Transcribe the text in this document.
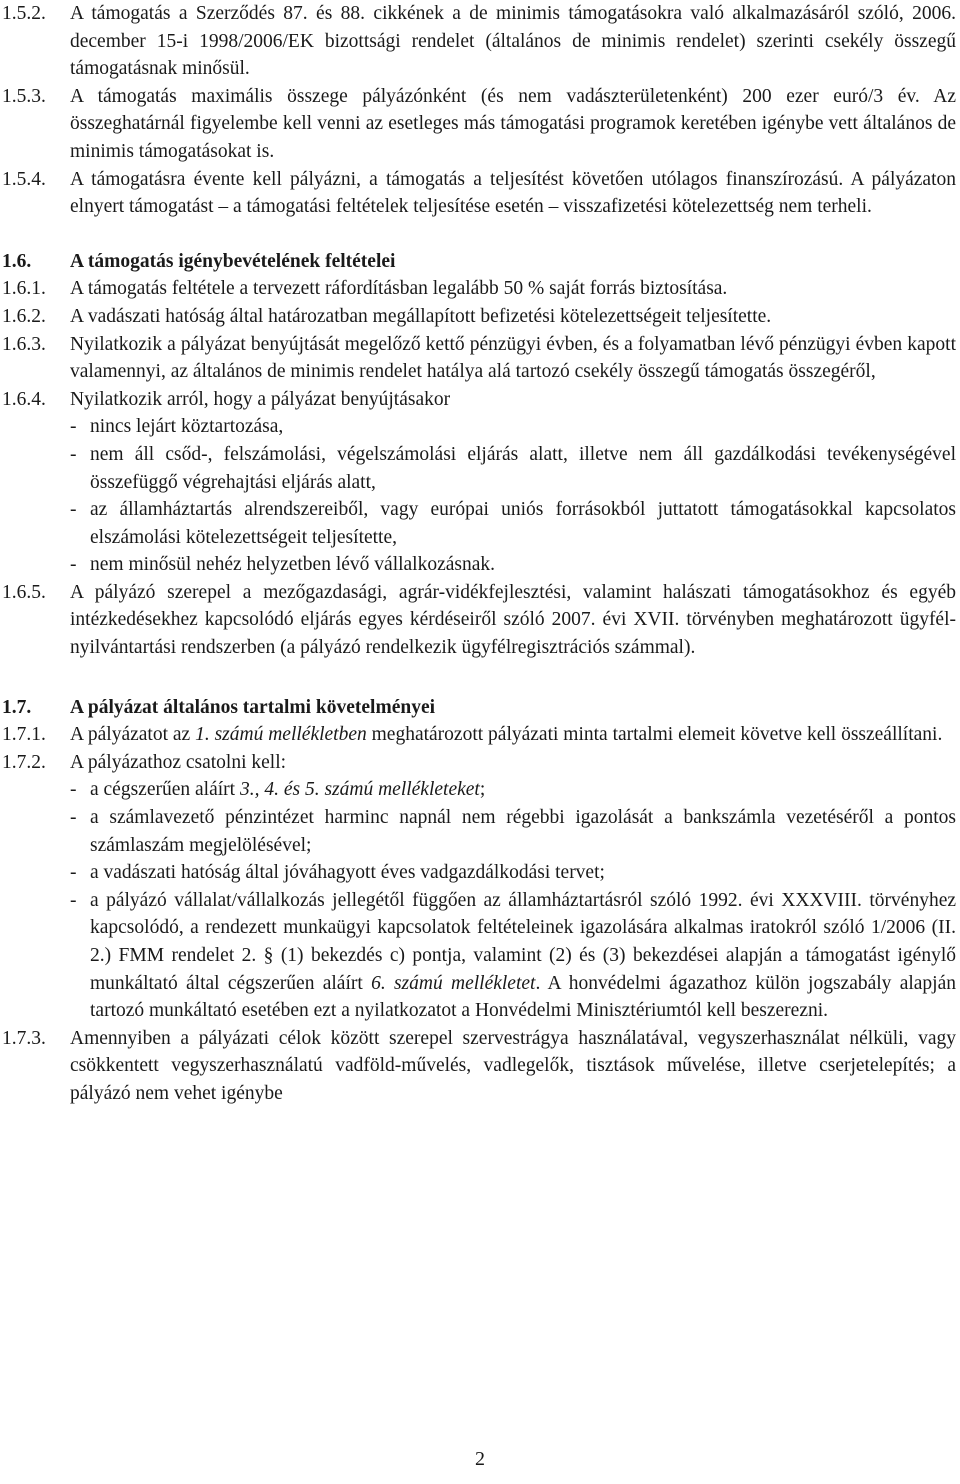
1.5.2.	A támogatás a Szerződés 87. és 88. cikkének a de minimis támogatásokra való alkalmazásáról szóló, 2006. december 15-i 1998/2006/EK bizottsági rendelet (általános de minimis rendelet) szerinti csekély összegű támogatásnak minősül.
1.5.3.	A támogatás maximális összege pályázónként (és nem vadászterületenként) 200 ezer euró/3 év. Az összeghatárnál figyelembe kell venni az esetleges más támogatási programok keretében igénybe vett általános de minimis támogatásokat is.
1.5.4.	A támogatásra évente kell pályázni, a támogatás a teljesítést követően utólagos finanszírozású. A pályázaton elnyert támogatást – a támogatási feltételek teljesítése esetén – visszafizetési kötelezettség nem terheli.
1.6.	A támogatás igénybevételének feltételei
1.6.1.	A támogatás feltétele a tervezett ráfordításban legalább 50 % saját forrás biztosítása.
1.6.2.	A vadászati hatóság által határozatban megállapított befizetési kötelezettségeit teljesítette.
1.6.3.	Nyilatkozik a pályázat benyújtását megelőző kettő pénzügyi évben, és a folyamatban lévő pénzügyi évben kapott valamennyi, az általános de minimis rendelet hatálya alá tartozó csekély összegű támogatás összegéről,
1.6.4.	Nyilatkozik arról, hogy a pályázat benyújtásakor
- nincs lejárt köztartozása,
- nem áll csőd-, felszámolási, végelszámolási eljárás alatt, illetve nem áll gazdálkodási tevékenységével összefüggő végrehajtási eljárás alatt,
- az államháztartás alrendszereiből, vagy európai uniós forrásokból juttatott támogatásokkal kapcsolatos elszámolási kötelezettségeit teljesítette,
- nem minősül nehéz helyzetben lévő vállalkozásnak.
1.6.5.	A pályázó szerepel a mezőgazdasági, agrár-vidékfejlesztési, valamint halászati támogatásokhoz és egyéb intézkedésekhez kapcsolódó eljárás egyes kérdéseiről szóló 2007. évi XVII. törvényben meghatározott ügyfél-nyilvántartási rendszerben (a pályázó rendelkezik ügyfélregisztrációs számmal).
1.7.	A pályázat általános tartalmi követelményei
1.7.1.	A pályázatot az 1. számú mellékletben meghatározott pályázati minta tartalmi elemeit követve kell összeállítani.
1.7.2.	A pályázathoz csatolni kell:
- a cégszerűen aláírt 3., 4. és 5. számú mellékleteket;
- a számlavezető pénzintézet harminc napnál nem régebbi igazolását a bankszámla vezetéséről a pontos számlaszám megjelölésével;
- a vadászati hatóság által jóváhagyott éves vadgazdálkodási tervet;
- a pályázó vállalat/vállalkozás jellegétől függően az államháztartásról szóló 1992. évi XXXVIII. törvényhez kapcsolódó, a rendezett munkaügyi kapcsolatok feltételeinek igazolására alkalmas iratokról szóló 1/2006 (II. 2.) FMM rendelet 2. § (1) bekezdés c) pontja, valamint (2) és (3) bekezdései alapján a támogatást igénylő munkáltató által cégszerűen aláírt 6. számú mellékletet. A honvédelmi ágazathoz külön jogszabály alapján tartozó munkáltató esetében ezt a nyilatkozatot a Honvédelmi Minisztériumtól kell beszerezni.
1.7.3.	Amennyiben a pályázati célok között szerepel szervestrágya használatával, vegyszerhasználat nélküli, vagy csökkentett vegyszerhasználatú vadföld-művelés, vadlegelők, tisztások művelése, illetve cserjetelepítés; a pályázó nem vehet igénybe
2
